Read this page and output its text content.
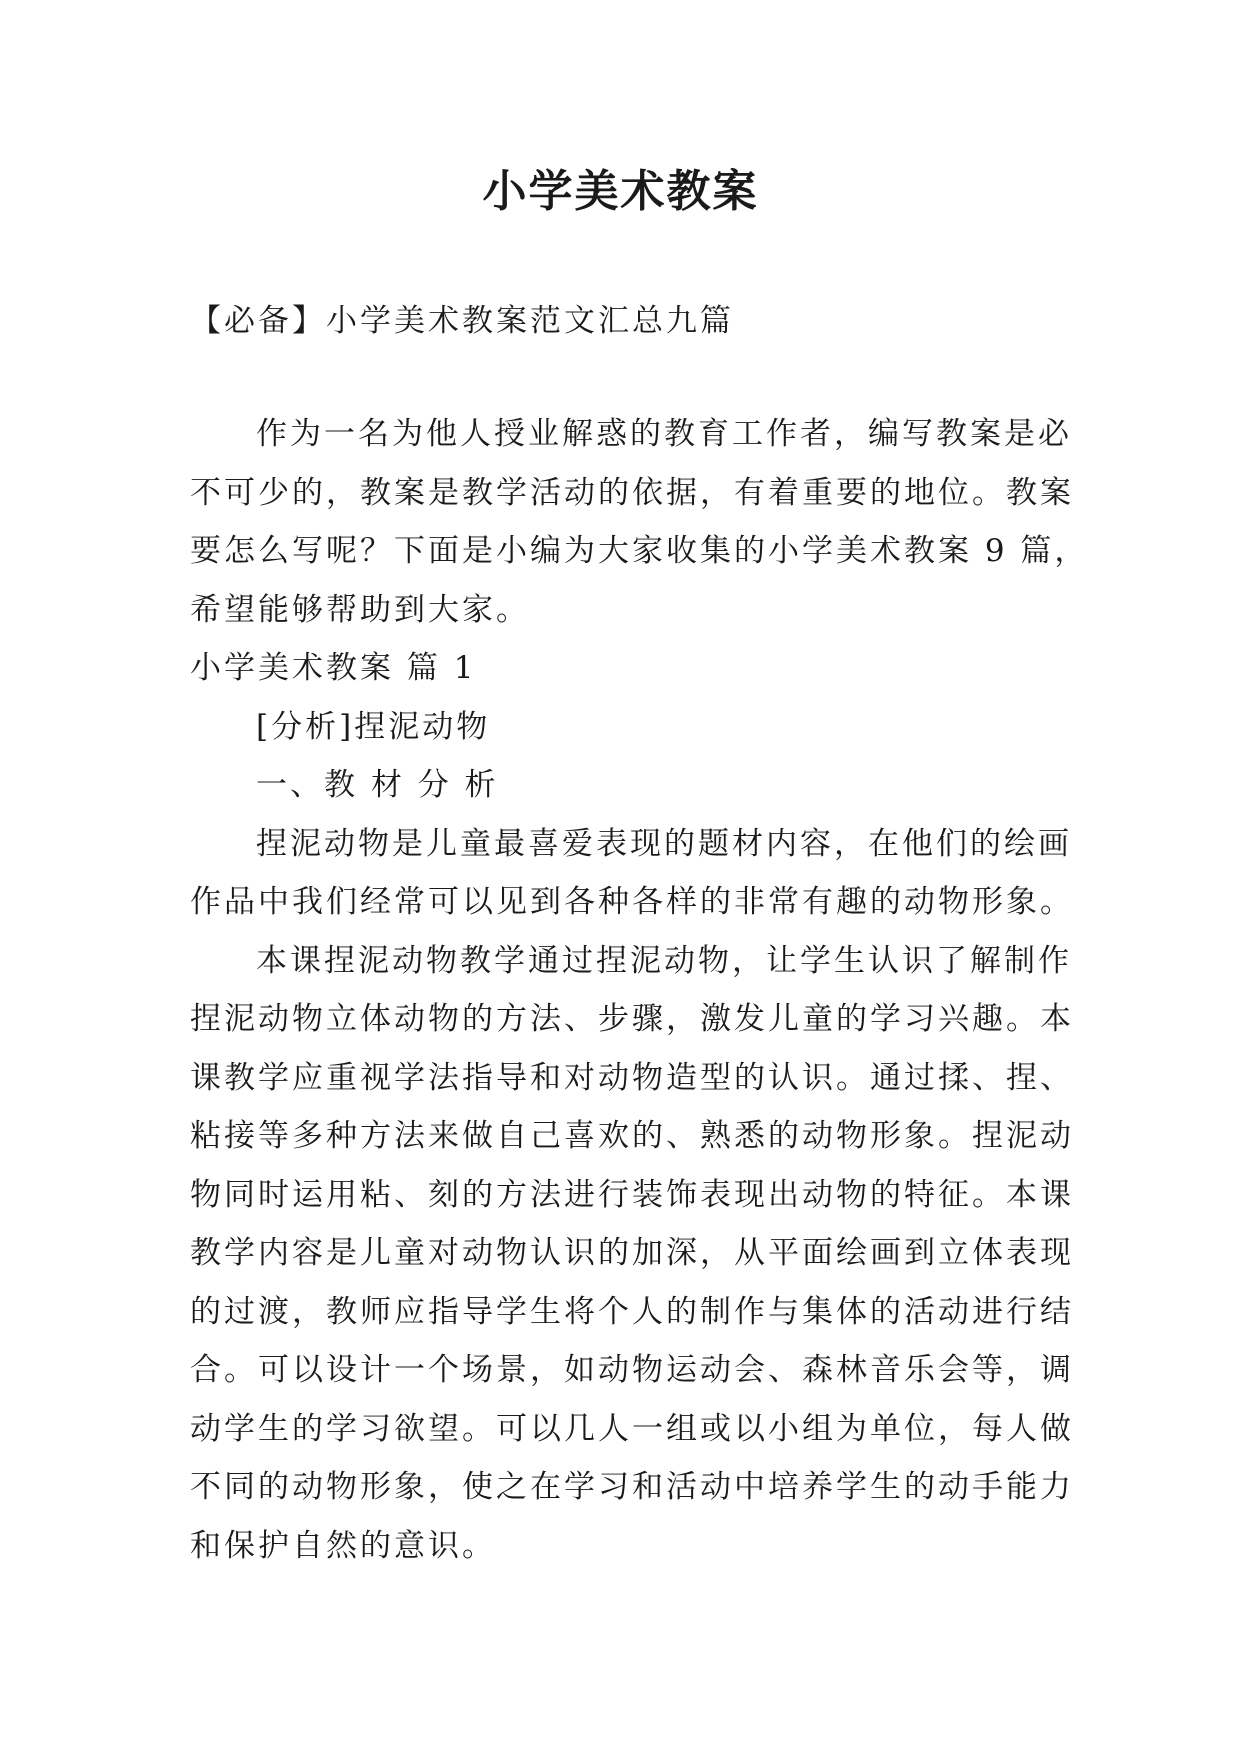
小学美术教案

【必备】小学美术教案范文汇总九篇

作为一名为他人授业解惑的教育工作者，编写教案是必
不可少的，教案是教学活动的依据，有着重要的地位。教案
要怎么写呢？下面是小编为大家收集的小学美术教案 9 篇，
希望能够帮助到大家。
小学美术教案 篇 1
[分析]捏泥动物
一、教 材 分 析
捏泥动物是儿童最喜爱表现的题材内容，在他们的绘画
作品中我们经常可以见到各种各样的非常有趣的动物形象。
本课捏泥动物教学通过捏泥动物，让学生认识了解制作
捏泥动物立体动物的方法、步骤，激发儿童的学习兴趣。本
课教学应重视学法指导和对动物造型的认识。通过揉、捏、
粘接等多种方法来做自己喜欢的、熟悉的动物形象。捏泥动
物同时运用粘、刻的方法进行装饰表现出动物的特征。本课
教学内容是儿童对动物认识的加深，从平面绘画到立体表现
的过渡，教师应指导学生将个人的制作与集体的活动进行结
合。可以设计一个场景，如动物运动会、森林音乐会等，调
动学生的学习欲望。可以几人一组或以小组为单位，每人做
不同的动物形象，使之在学习和活动中培养学生的动手能力
和保护自然的意识。
